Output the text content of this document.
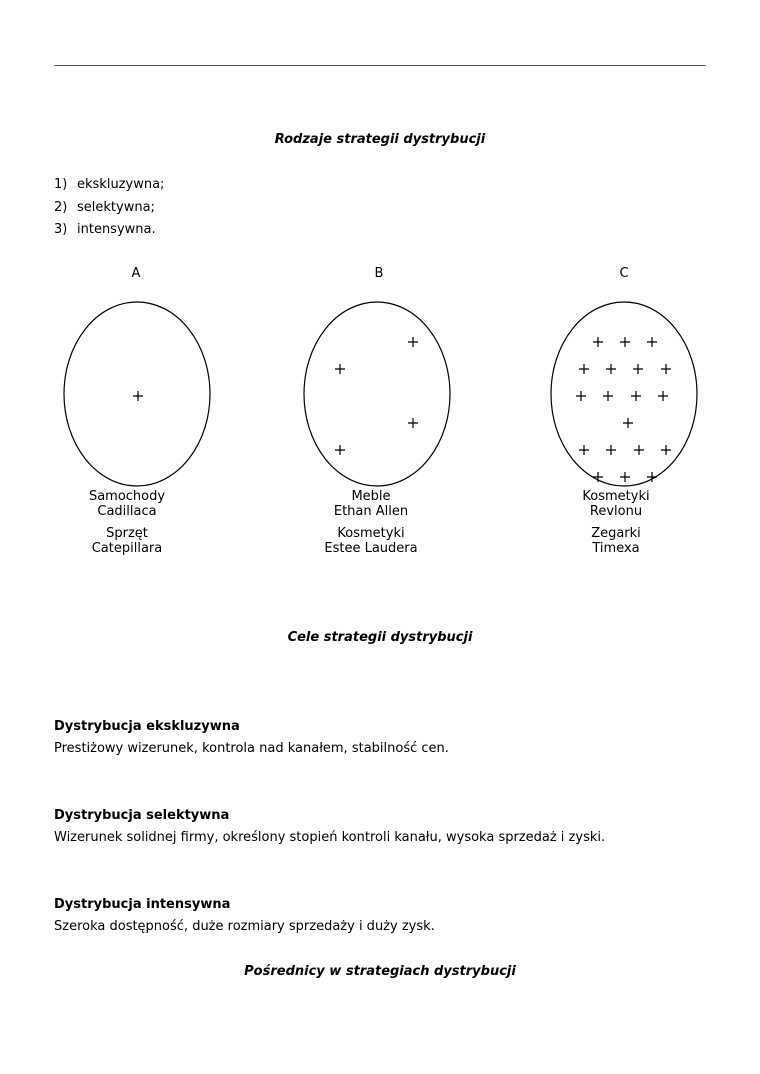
Rodzaje strategii dystrybucji
1) ekskluzywna;
2) selektywna;
3) intensywna.
A	B	C
Samochody
Cadillaca
Sprzęt
Catepillara
Meble
Ethan Allen
Kosmetyki
Estee Laudera
Kosmetyki
Revlonu
Zegarki
Timexa
Cele strategii dystrybucji
Dystrybucja ekskluzywna
Prestiżowy wizerunek, kontrola nad kanałem, stabilność cen.
Dystrybucja selektywna
Wizerunek solidnej firmy, określony stopień kontroli kanału, wysoka sprzedaż i zyski.
Dystrybucja intensywna
Szeroka dostępność, duże rozmiary sprzedaży i duży zysk.
Pośrednicy w strategiach dystrybucji
